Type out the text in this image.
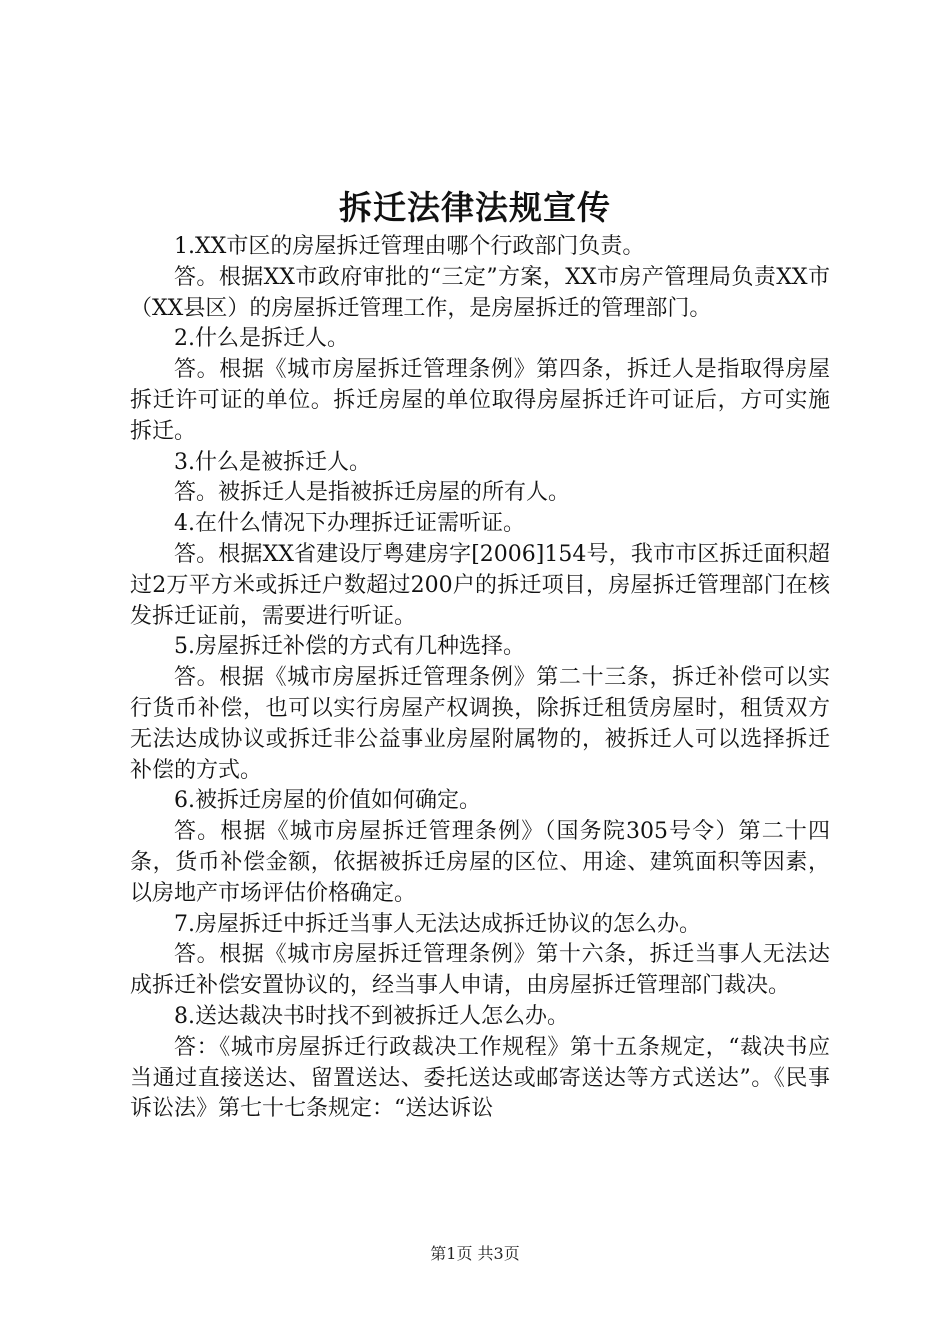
拆迁法律法规宣传

1.XX市区的房屋拆迁管理由哪个行政部门负责。

答。根据XX市政府审批的“三定”方案，XX市房产管理局负责XX市（XX县区）的房屋拆迁管理工作，是房屋拆迁的管理部门。

2.什么是拆迁人。

答。根据《城市房屋拆迁管理条例》第四条，拆迁人是指取得房屋拆迁许可证的单位。拆迁房屋的单位取得房屋拆迁许可证后，方可实施拆迁。

3.什么是被拆迁人。

答。被拆迁人是指被拆迁房屋的所有人。

4.在什么情况下办理拆迁证需听证。

答。根据XX省建设厅粤建房字[2006]154号，我市市区拆迁面积超过2万平方米或拆迁户数超过200户的拆迁项目，房屋拆迁管理部门在核发拆迁证前，需要进行听证。

5.房屋拆迁补偿的方式有几种选择。

答。根据《城市房屋拆迁管理条例》第二十三条，拆迁补偿可以实行货币补偿，也可以实行房屋产权调换，除拆迁租赁房屋时，租赁双方无法达成协议或拆迁非公益事业房屋附属物的，被拆迁人可以选择拆迁补偿的方式。

6.被拆迁房屋的价值如何确定。

答。根据《城市房屋拆迁管理条例》（国务院305号令）第二十四条，货币补偿金额，依据被拆迁房屋的区位、用途、建筑面积等因素，以房地产市场评估价格确定。

7.房屋拆迁中拆迁当事人无法达成拆迁协议的怎么办。

答。根据《城市房屋拆迁管理条例》第十六条，拆迁当事人无法达成拆迁补偿安置协议的，经当事人申请，由房屋拆迁管理部门裁决。

8.送达裁决书时找不到被拆迁人怎么办。

答：《城市房屋拆迁行政裁决工作规程》第十五条规定，“裁决书应当通过直接送达、留置送达、委托送达或邮寄送达等方式送达”。《民事诉讼法》第七十七条规定：“送达诉讼

第1页 共3页
